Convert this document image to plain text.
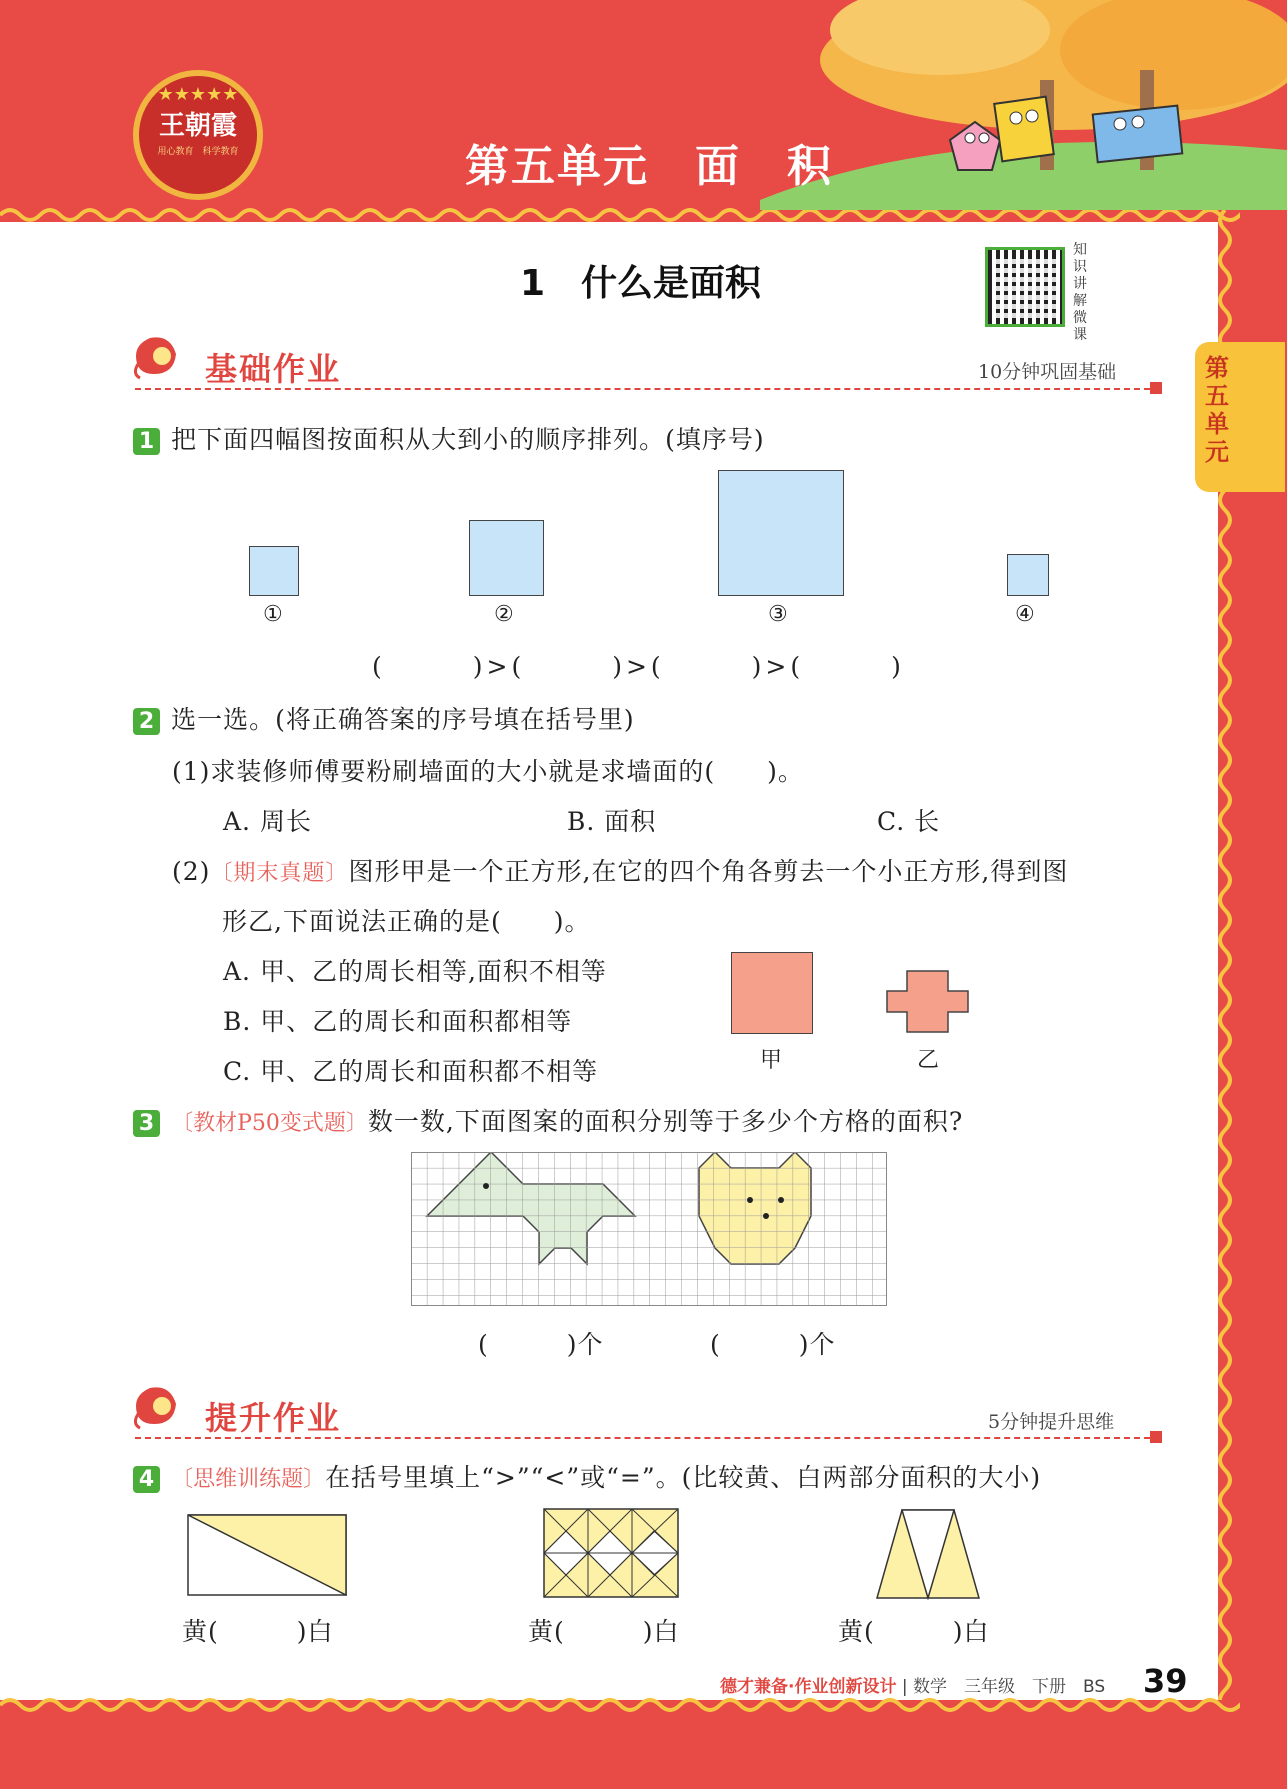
★★★★★
王朝霞
用心教育　科学教育	第五单元　面　积
1　什么是面积
知识讲解微课
第五单元
基础作业	10分钟巩固基础
1 把下面四幅图按面积从大到小的顺序排列。(填序号)
①	②	③	④
(　　　)>(　　　)>(　　　)>(　　　)
2 选一选。(将正确答案的序号填在括号里)
(1)求装修师傅要粉刷墙面的大小就是求墙面的(　　)。
A. 周长	B. 面积	C. 长
(2)〔期末真题〕图形甲是一个正方形,在它的四个角各剪去一个小正方形,得到图
形乙,下面说法正确的是(　　)。
A. 甲、乙的周长相等,面积不相等
B. 甲、乙的周长和面积都相等
C. 甲、乙的周长和面积都不相等	甲	乙
3 〔教材P50变式题〕数一数,下面图案的面积分别等于多少个方格的面积?
(　　　)个	(　　　)个
提升作业	5分钟提升思维
4 〔思维训练题〕在括号里填上“>”“<”或“=”。(比较黄、白两部分面积的大小)
黄(　　　)白	黄(　　　)白	黄(　　　)白
德才兼备·作业创新设计 | 数学　三年级　下册　BS 39
